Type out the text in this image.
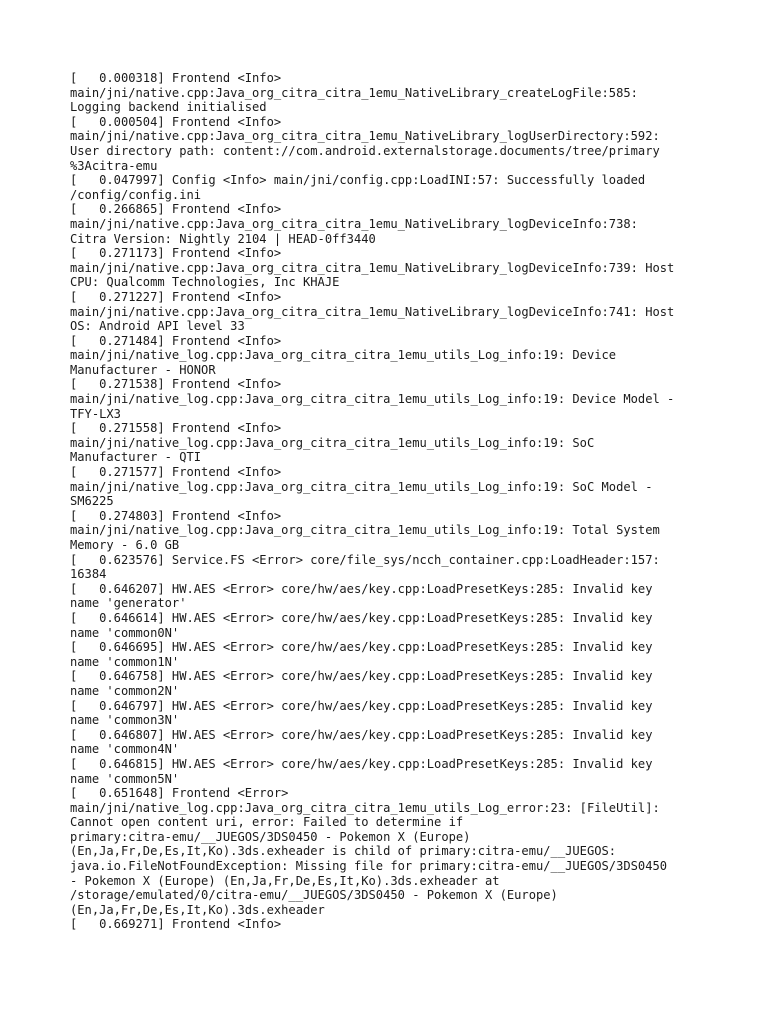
[   0.000318] Frontend <Info>
main/jni/native.cpp:Java_org_citra_citra_1emu_NativeLibrary_createLogFile:585:
Logging backend initialised
[   0.000504] Frontend <Info>
main/jni/native.cpp:Java_org_citra_citra_1emu_NativeLibrary_logUserDirectory:592:
User directory path: content://com.android.externalstorage.documents/tree/primary
%3Acitra-emu
[   0.047997] Config <Info> main/jni/config.cpp:LoadINI:57: Successfully loaded
/config/config.ini
[   0.266865] Frontend <Info>
main/jni/native.cpp:Java_org_citra_citra_1emu_NativeLibrary_logDeviceInfo:738:
Citra Version: Nightly 2104 | HEAD-0ff3440
[   0.271173] Frontend <Info>
main/jni/native.cpp:Java_org_citra_citra_1emu_NativeLibrary_logDeviceInfo:739: Host
CPU: Qualcomm Technologies, Inc KHAJE
[   0.271227] Frontend <Info>
main/jni/native.cpp:Java_org_citra_citra_1emu_NativeLibrary_logDeviceInfo:741: Host
OS: Android API level 33
[   0.271484] Frontend <Info>
main/jni/native_log.cpp:Java_org_citra_citra_1emu_utils_Log_info:19: Device
Manufacturer - HONOR
[   0.271538] Frontend <Info>
main/jni/native_log.cpp:Java_org_citra_citra_1emu_utils_Log_info:19: Device Model -
TFY-LX3
[   0.271558] Frontend <Info>
main/jni/native_log.cpp:Java_org_citra_citra_1emu_utils_Log_info:19: SoC
Manufacturer - QTI
[   0.271577] Frontend <Info>
main/jni/native_log.cpp:Java_org_citra_citra_1emu_utils_Log_info:19: SoC Model -
SM6225
[   0.274803] Frontend <Info>
main/jni/native_log.cpp:Java_org_citra_citra_1emu_utils_Log_info:19: Total System
Memory - 6.0 GB
[   0.623576] Service.FS <Error> core/file_sys/ncch_container.cpp:LoadHeader:157:
16384
[   0.646207] HW.AES <Error> core/hw/aes/key.cpp:LoadPresetKeys:285: Invalid key
name 'generator'
[   0.646614] HW.AES <Error> core/hw/aes/key.cpp:LoadPresetKeys:285: Invalid key
name 'common0N'
[   0.646695] HW.AES <Error> core/hw/aes/key.cpp:LoadPresetKeys:285: Invalid key
name 'common1N'
[   0.646758] HW.AES <Error> core/hw/aes/key.cpp:LoadPresetKeys:285: Invalid key
name 'common2N'
[   0.646797] HW.AES <Error> core/hw/aes/key.cpp:LoadPresetKeys:285: Invalid key
name 'common3N'
[   0.646807] HW.AES <Error> core/hw/aes/key.cpp:LoadPresetKeys:285: Invalid key
name 'common4N'
[   0.646815] HW.AES <Error> core/hw/aes/key.cpp:LoadPresetKeys:285: Invalid key
name 'common5N'
[   0.651648] Frontend <Error>
main/jni/native_log.cpp:Java_org_citra_citra_1emu_utils_Log_error:23: [FileUtil]:
Cannot open content uri, error: Failed to determine if
primary:citra-emu/__JUEGOS/3DS0450 - Pokemon X (Europe)
(En,Ja,Fr,De,Es,It,Ko).3ds.exheader is child of primary:citra-emu/__JUEGOS:
java.io.FileNotFoundException: Missing file for primary:citra-emu/__JUEGOS/3DS0450
- Pokemon X (Europe) (En,Ja,Fr,De,Es,It,Ko).3ds.exheader at
/storage/emulated/0/citra-emu/__JUEGOS/3DS0450 - Pokemon X (Europe)
(En,Ja,Fr,De,Es,It,Ko).3ds.exheader
[   0.669271] Frontend <Info>
